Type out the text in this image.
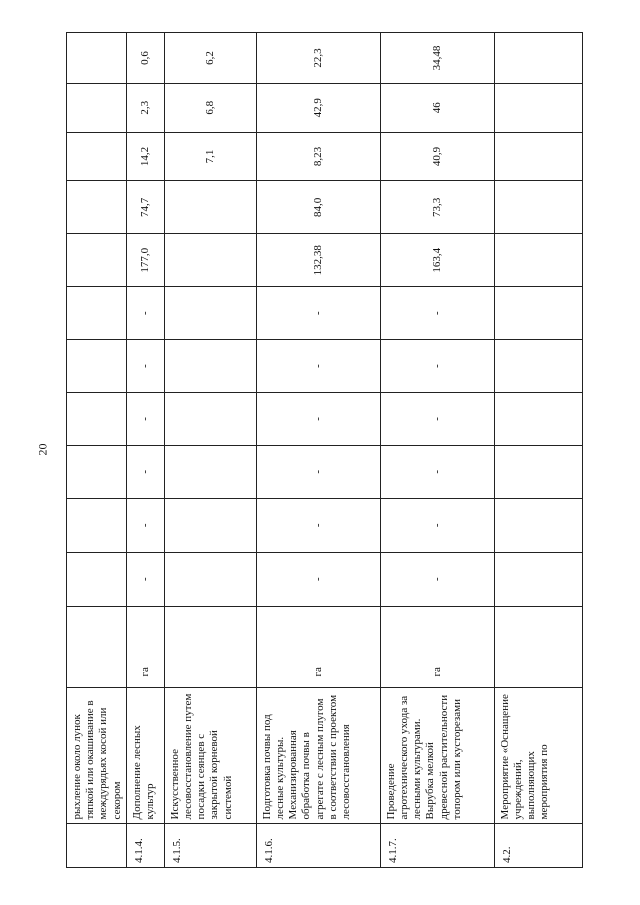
20
	рыхление около лунок тяпкой или окашивание в междурядьях косой или секором												
4.1.4.	Дополнение лесных культур	га	-	-	-	-	-	-	177,0	74,7	14,2	2,3	0,6
4.1.5.	Искусственное лесовосстановление путем посадки сеянцев с закрытой корневой системой										7,1	6,8	6,2
4.1.6.	Подготовка почвы под лесные культуры. Механизированная обработка почвы в агрегате с лесным плугом в соответствии с проектом лесовосстановления	га	-	-	-	-	-	-	132,38	84,0	8,23	42,9	22,3
4.1.7.	Проведение агротехнического ухода за лесными культурами. Вырубка мелкой древесной растительности топором или кусторезами	га	-	-	-	-	-	-	163,4	73,3	40,9	46	34,48
4.2.	Мероприятие «Оснащение учреждений, выполняющих мероприятия по												
